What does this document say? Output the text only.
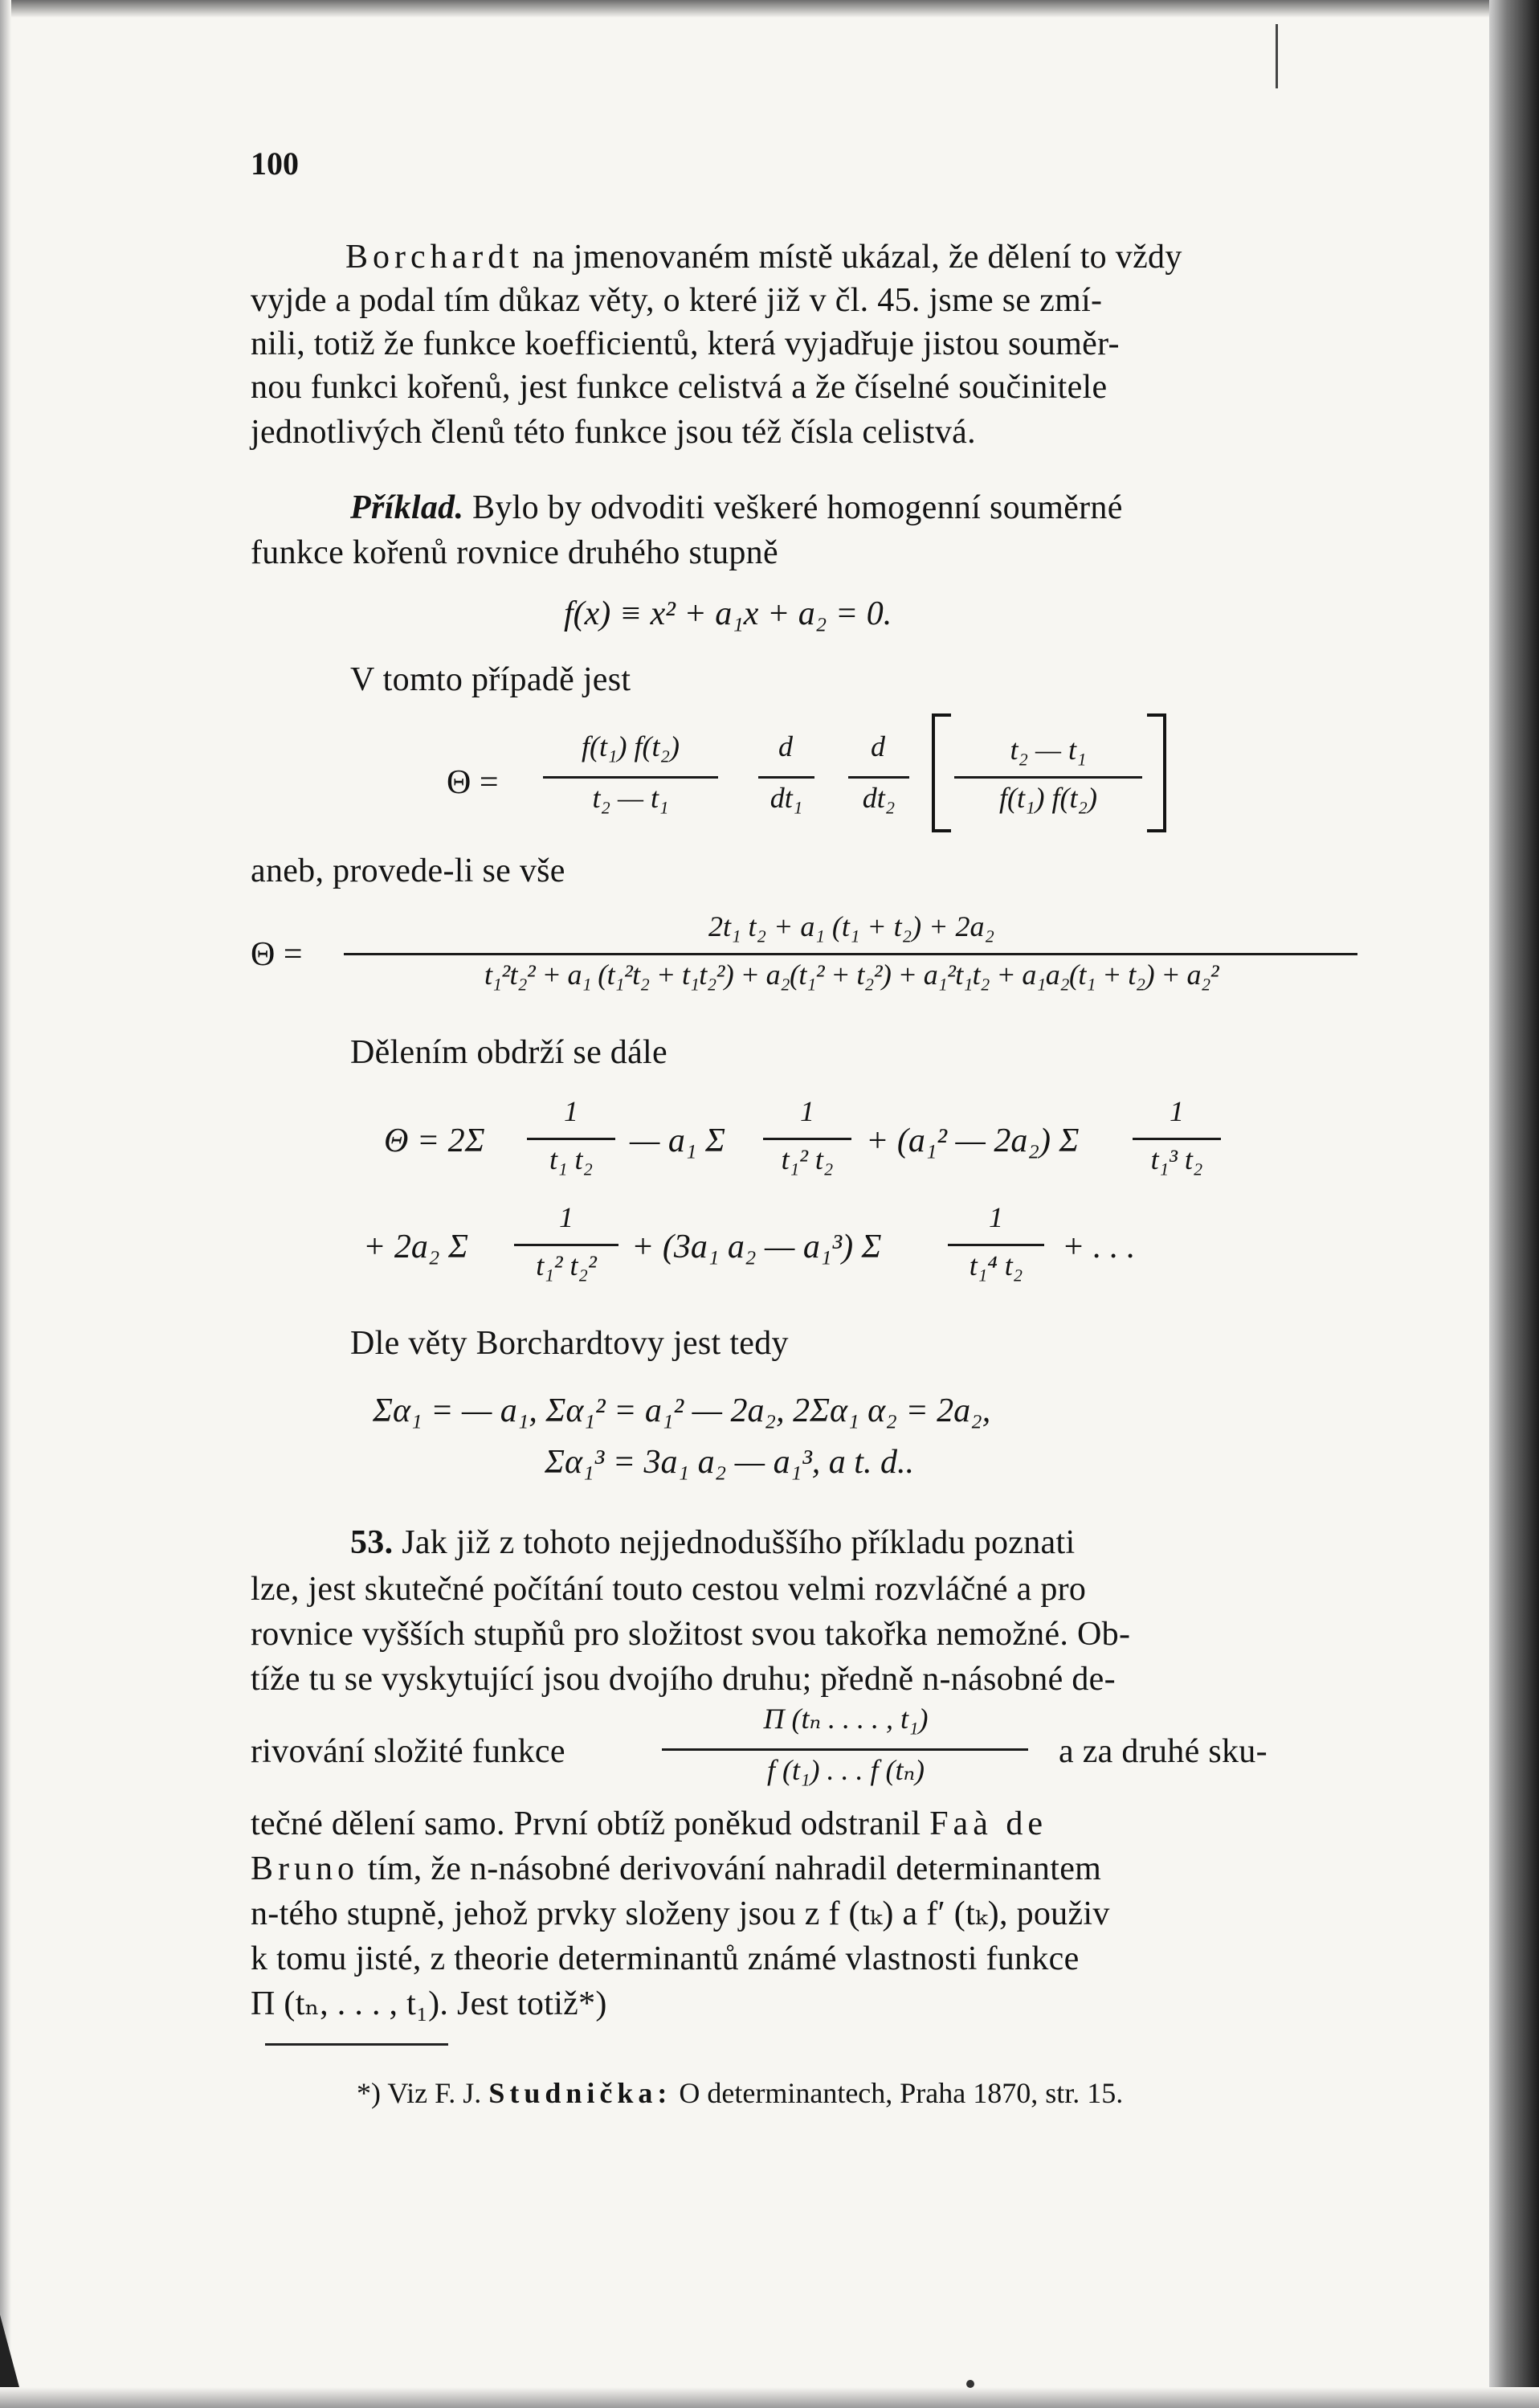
100
Borchardt na jmenovaném místě ukázal, že dělení to vždy
vyjde a podal tím důkaz věty, o které již v čl. 45. jsme se zmí-
nili, totiž že funkce koefficientů, která vyjadřuje jistou souměr-
nou funkci kořenů, jest funkce celistvá a že číselné součinitele
jednotlivých členů této funkce jsou též čísla celistvá.
Příklad. Bylo by odvoditi veškeré homogenní souměrné
funkce kořenů rovnice druhého stupně
f(x) ≡ x² + a₁x + a₂ = 0.
V tomto případě jest
Θ =
f(t₁) f(t₂)
t₂ — t₁
d
dt₁
d
dt₂
t₂ — t₁
f(t₁) f(t₂)
aneb, provede-li se vše
Θ =
2t₁ t₂ + a₁ (t₁ + t₂) + 2a₂
t₁²t₂² + a₁ (t₁²t₂ + t₁t₂²) + a₂(t₁² + t₂²) + a₁²t₁t₂ + a₁a₂(t₁ + t₂) + a₂²
Dělením obdrží se dále
Θ = 2Σ
1
t₁ t₂	— a₁ Σ
1
t₁² t₂ + (a₁² — 2a₂) Σ
1
t₁³ t₂
+ 2a₂ Σ
1
t₁² t₂²	+ (3a₁ a₂ — a₁³) Σ
1
t₁⁴ t₂	+ . . .
Dle věty Borchardtovy jest tedy
Σα₁ = — a₁, Σα₁² = a₁² — 2a₂, 2Σα₁ α₂ = 2a₂,
Σα₁³ = 3a₁ a₂ — a₁³, a t. d..
53. Jak již z tohoto nejjednoduššího příkladu poznati
lze, jest skutečné počítání touto cestou velmi rozvláčné a pro
rovnice vyšších stupňů pro složitost svou takořka nemožné. Ob-
tíže tu se vyskytující jsou dvojího druhu; předně n-násobné de-
rivování složité funkce
Π (tₙ . . . . , t₁)
f (t₁) . . . f (tₙ)	a za druhé sku-
tečné dělení samo. První obtíž poněkud odstranil Faà de
Bruno tím, že n-násobné derivování nahradil determinantem
n-tého stupně, jehož prvky složeny jsou z f (tₖ) a f′ (tₖ), použiv
k tomu jisté, z theorie determinantů známé vlastnosti funkce
Π (tₙ, . . . , t₁). Jest totiž*)
*) Viz F. J. Studnička: O determinantech, Praha 1870, str. 15.
